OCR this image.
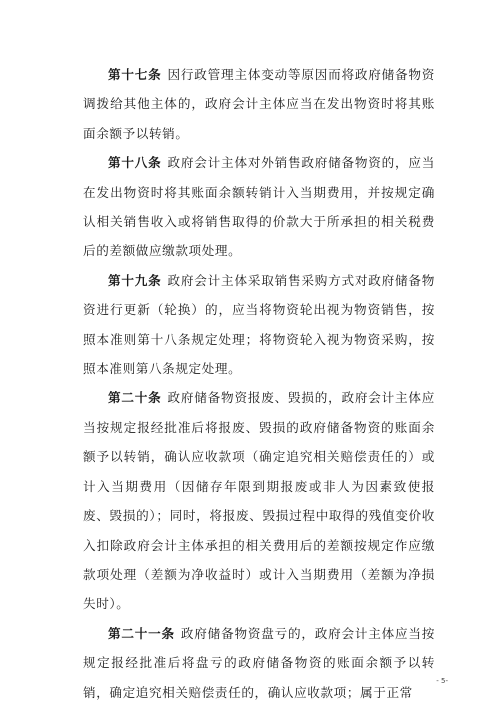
第十七条 因行政管理主体变动等原因而将政府储备物资调拨给其他主体的，政府会计主体应当在发出物资时将其账面余额予以转销。

第十八条 政府会计主体对外销售政府储备物资的，应当在发出物资时将其账面余额转销计入当期费用，并按规定确认相关销售收入或将销售取得的价款大于所承担的相关税费后的差额做应缴款项处理。

第十九条 政府会计主体采取销售采购方式对政府储备物资进行更新（轮换）的，应当将物资轮出视为物资销售，按照本准则第十八条规定处理；将物资轮入视为物资采购，按照本准则第八条规定处理。

第二十条 政府储备物资报废、毁损的，政府会计主体应当按规定报经批准后将报废、毁损的政府储备物资的账面余额予以转销，确认应收款项（确定追究相关赔偿责任的）或计入当期费用（因储存年限到期报废或非人为因素致使报废、毁损的）；同时，将报废、毁损过程中取得的残值变价收入扣除政府会计主体承担的相关费用后的差额按规定作应缴款项处理（差额为净收益时）或计入当期费用（差额为净损失时）。

第二十一条 政府储备物资盘亏的，政府会计主体应当按规定报经批准后将盘亏的政府储备物资的账面余额予以转销，确定追究相关赔偿责任的，确认应收款项；属于正常

- 5-
